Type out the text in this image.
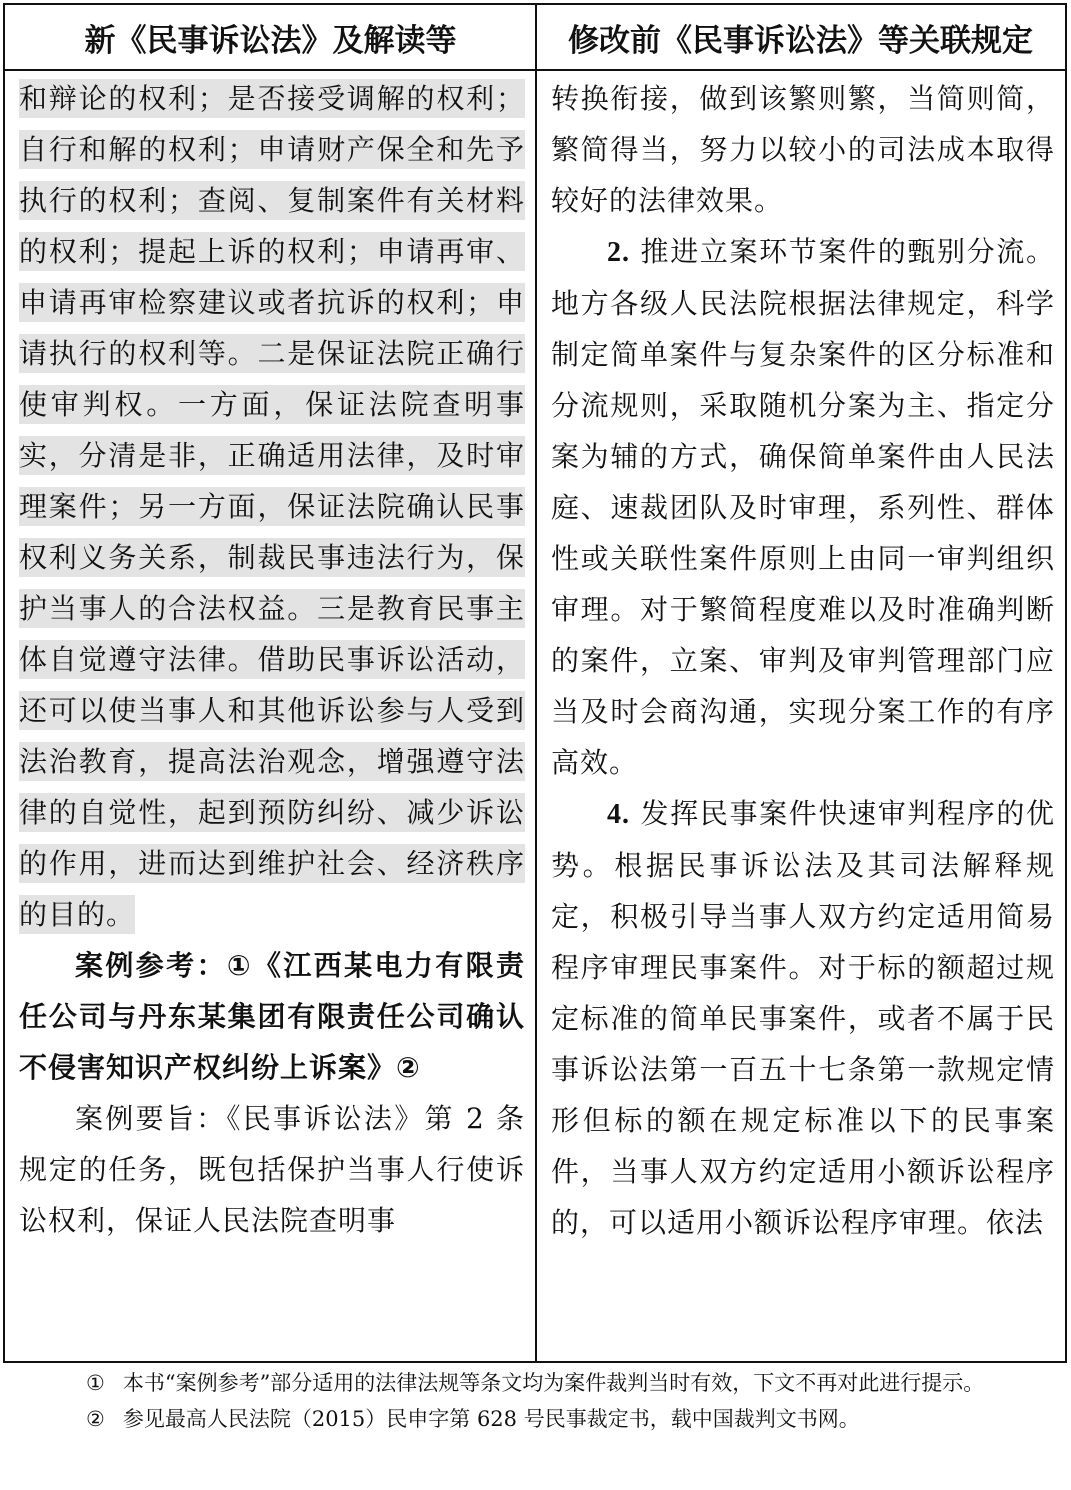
新《民事诉讼法》及解读等	修改前《民事诉讼法》等关联规定

和辩论的权利；是否接受调解的权利；自行和解的权利；申请财产保全和先予执行的权利；查阅、复制案件有关材料的权利；提起上诉的权利；申请再审、申请再审检察建议或者抗诉的权利；申请执行的权利等。二是保证法院正确行使审判权。一方面，保证法院查明事实，分清是非，正确适用法律，及时审理案件；另一方面，保证法院确认民事权利义务关系，制裁民事违法行为，保护当事人的合法权益。三是教育民事主体自觉遵守法律。借助民事诉讼活动，还可以使当事人和其他诉讼参与人受到法治教育，提高法治观念，增强遵守法律的自觉性，起到预防纠纷、减少诉讼的作用，进而达到维护社会、经济秩序的目的。

案例参考：①《江西某电力有限责任公司与丹东某集团有限责任公司确认不侵害知识产权纠纷上诉案》②

案例要旨：《民事诉讼法》第 2 条规定的任务，既包括保护当事人行使诉讼权利，保证人民法院查明事

转换衔接，做到该繁则繁，当简则简，繁简得当，努力以较小的司法成本取得较好的法律效果。

2. 推进立案环节案件的甄别分流。地方各级人民法院根据法律规定，科学制定简单案件与复杂案件的区分标准和分流规则，采取随机分案为主、指定分案为辅的方式，确保简单案件由人民法庭、速裁团队及时审理，系列性、群体性或关联性案件原则上由同一审判组织审理。对于繁简程度难以及时准确判断的案件，立案、审判及审判管理部门应当及时会商沟通，实现分案工作的有序高效。

4. 发挥民事案件快速审判程序的优势。根据民事诉讼法及其司法解释规定，积极引导当事人双方约定适用简易程序审理民事案件。对于标的额超过规定标准的简单民事案件，或者不属于民事诉讼法第一百五十七条第一款规定情形但标的额在规定标准以下的民事案件，当事人双方约定适用小额诉讼程序的，可以适用小额诉讼程序审理。依法

① 本书“案例参考”部分适用的法律法规等条文均为案件裁判当时有效，下文不再对此进行提示。

② 参见最高人民法院（2015）民申字第 628 号民事裁定书，载中国裁判文书网。
